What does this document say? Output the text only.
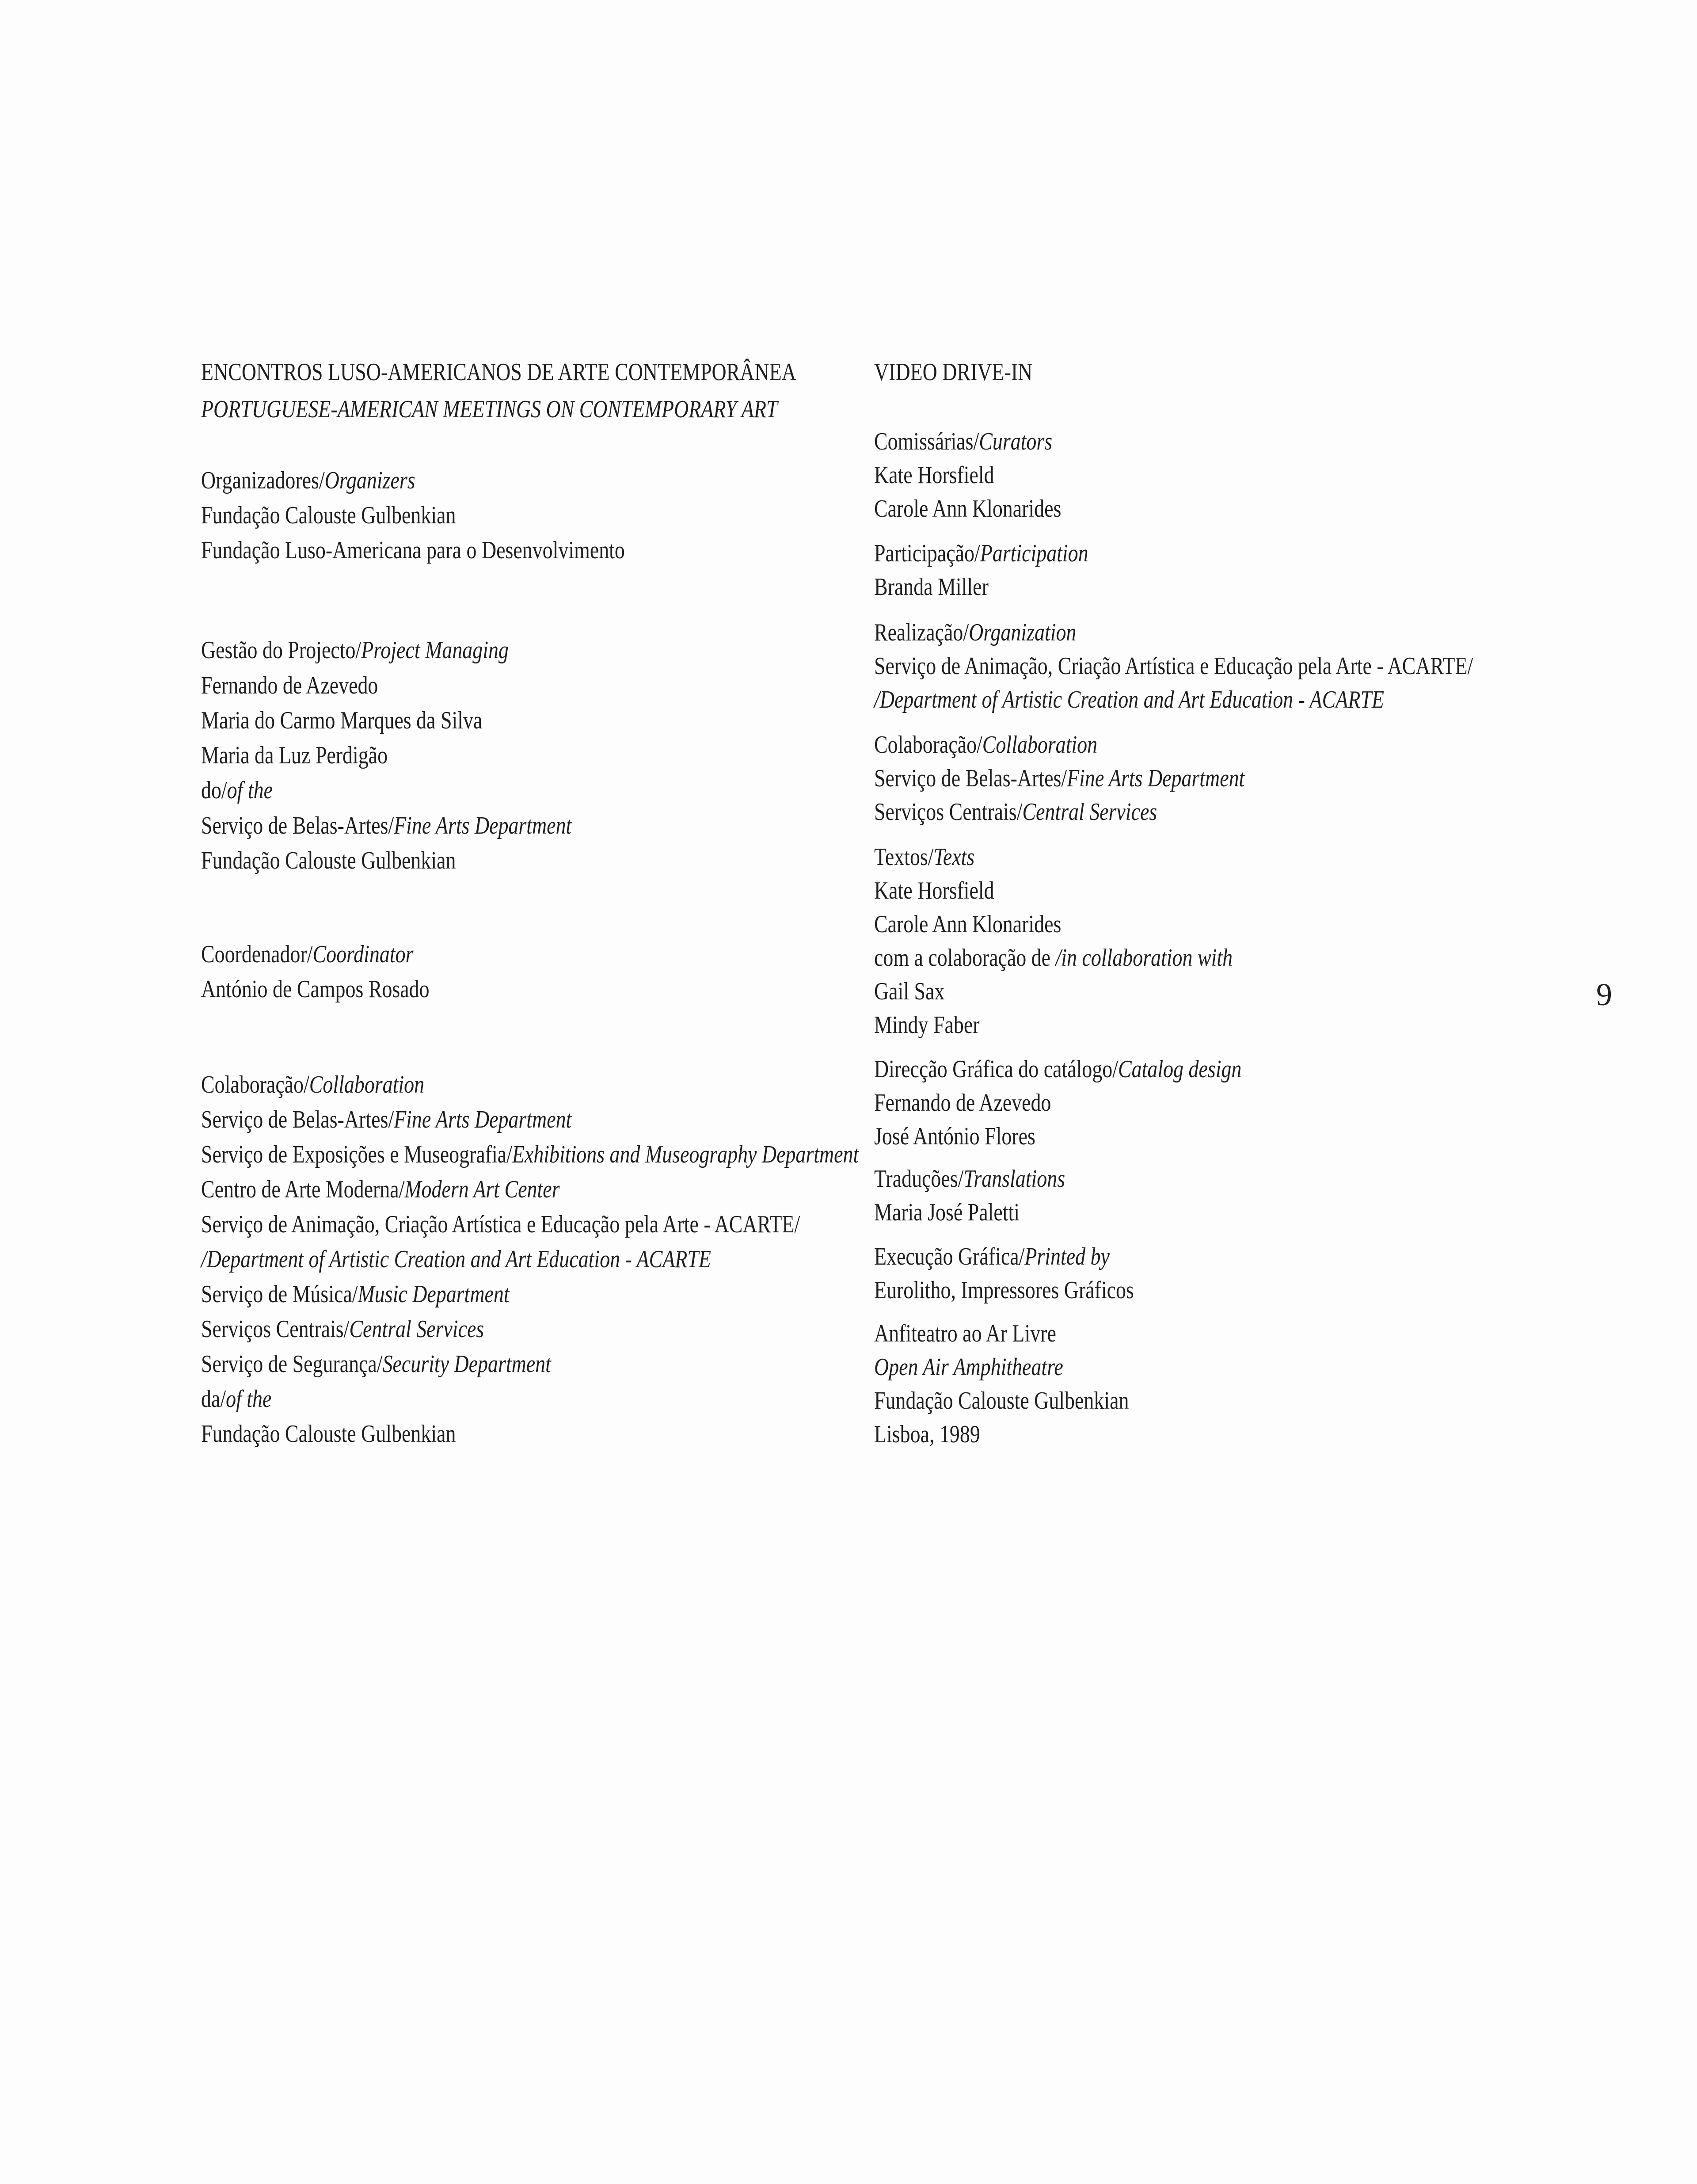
ENCONTROS LUSO-AMERICANOS DE ARTE CONTEMPORÂNEA
PORTUGUESE-AMERICAN MEETINGS ON CONTEMPORARY ART
Organizadores/Organizers
Fundação Calouste Gulbenkian
Fundação Luso-Americana para o Desenvolvimento
Gestão do Projecto/Project Managing
Fernando de Azevedo
Maria do Carmo Marques da Silva
Maria da Luz Perdigão
do/of the
Serviço de Belas-Artes/Fine Arts Department
Fundação Calouste Gulbenkian
Coordenador/Coordinator
António de Campos Rosado
Colaboração/Collaboration
Serviço de Belas-Artes/Fine Arts Department
Serviço de Exposições e Museografia/Exhibitions and Museography Department
Centro de Arte Moderna/Modern Art Center
Serviço de Animação, Criação Artística e Educação pela Arte - ACARTE/
/Department of Artistic Creation and Art Education - ACARTE
Serviço de Música/Music Department
Serviços Centrais/Central Services
Serviço de Segurança/Security Department
da/of the
Fundação Calouste Gulbenkian
VIDEO DRIVE-IN
Comissárias/Curators
Kate Horsfield
Carole Ann Klonarides
Participação/Participation
Branda Miller
Realização/Organization
Serviço de Animação, Criação Artística e Educação pela Arte - ACARTE/
/Department of Artistic Creation and Art Education - ACARTE
Colaboração/Collaboration
Serviço de Belas-Artes/Fine Arts Department
Serviços Centrais/Central Services
Textos/Texts
Kate Horsfield
Carole Ann Klonarides
com a colaboração de /in collaboration with
Gail Sax
Mindy Faber
Direcção Gráfica do catálogo/Catalog design
Fernando de Azevedo
José António Flores
Traduções/Translations
Maria José Paletti
Execução Gráfica/Printed by
Eurolitho, Impressores Gráficos
Anfiteatro ao Ar Livre
Open Air Amphitheatre
Fundação Calouste Gulbenkian
Lisboa, 1989
9
